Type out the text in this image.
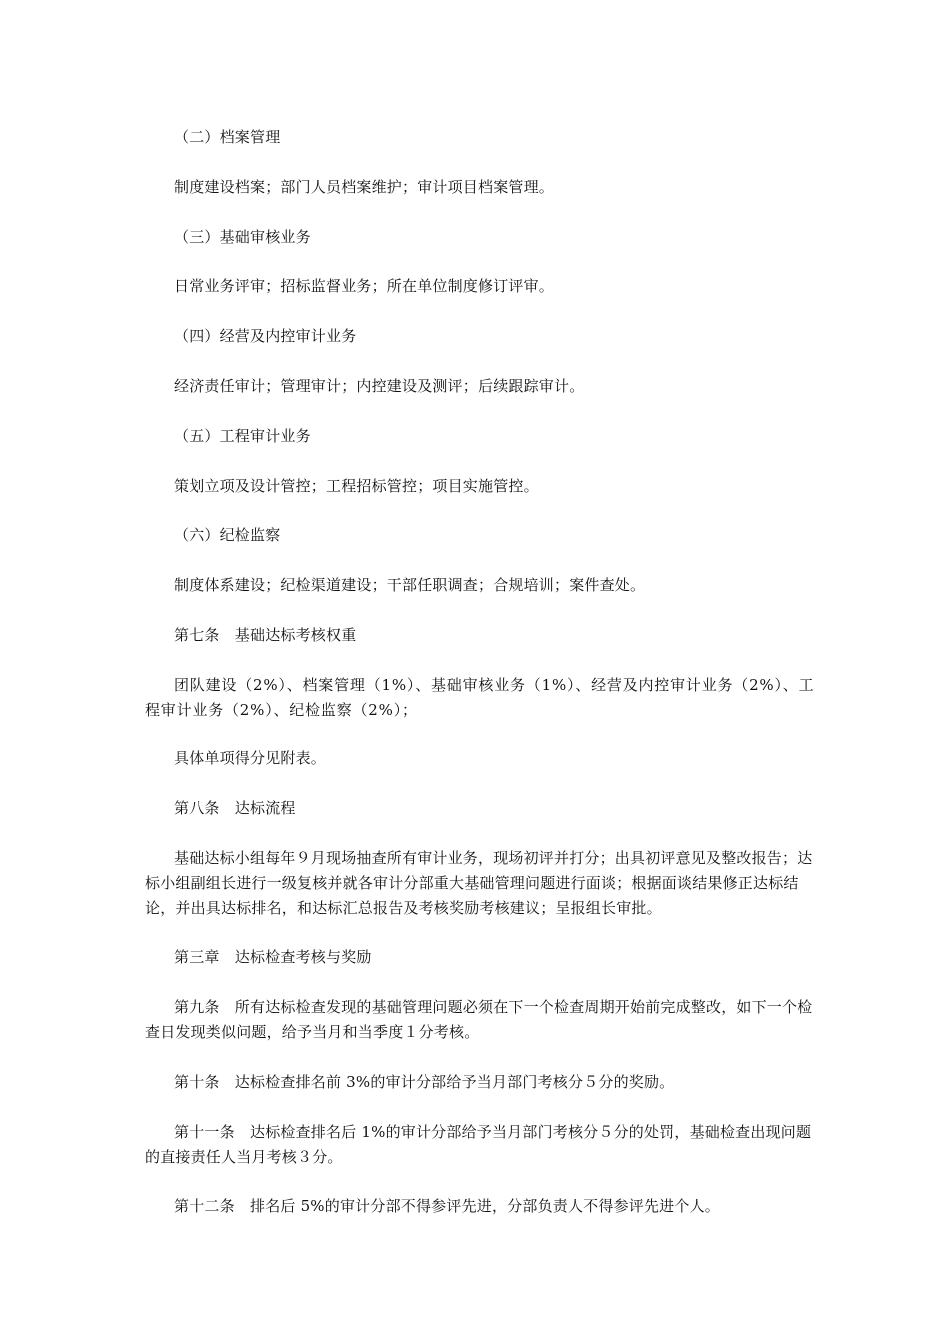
（二）档案管理

制度建设档案；部门人员档案维护；审计项目档案管理。

（三）基础审核业务

日常业务评审；招标监督业务；所在单位制度修订评审。

（四）经营及内控审计业务

经济责任审计；管理审计；内控建设及测评；后续跟踪审计。

（五）工程审计业务

策划立项及设计管控；工程招标管控；项目实施管控。

（六）纪检监察

制度体系建设；纪检渠道建设；干部任职调查；合规培训；案件查处。

第七条　基础达标考核权重

团队建设（2%）、档案管理（1%）、基础审核业务（1%）、经营及内控审计业务（2%）、工程审计业务（2%）、纪检监察（2%）；

具体单项得分见附表。

第八条　达标流程

基础达标小组每年９月现场抽查所有审计业务，现场初评并打分；出具初评意见及整改报告；达标小组副组长进行一级复核并就各审计分部重大基础管理问题进行面谈；根据面谈结果修正达标结论，并出具达标排名，和达标汇总报告及考核奖励考核建议；呈报组长审批。

第三章　达标检查考核与奖励

第九条　所有达标检查发现的基础管理问题必须在下一个检查周期开始前完成整改，如下一个检查日发现类似问题，给予当月和当季度１分考核。

第十条　达标检查排名前 3%的审计分部给予当月部门考核分５分的奖励。

第十一条　达标检查排名后 1%的审计分部给予当月部门考核分５分的处罚，基础检查出现问题的直接责任人当月考核３分。

第十二条　排名后 5%的审计分部不得参评先进，分部负责人不得参评先进个人。
